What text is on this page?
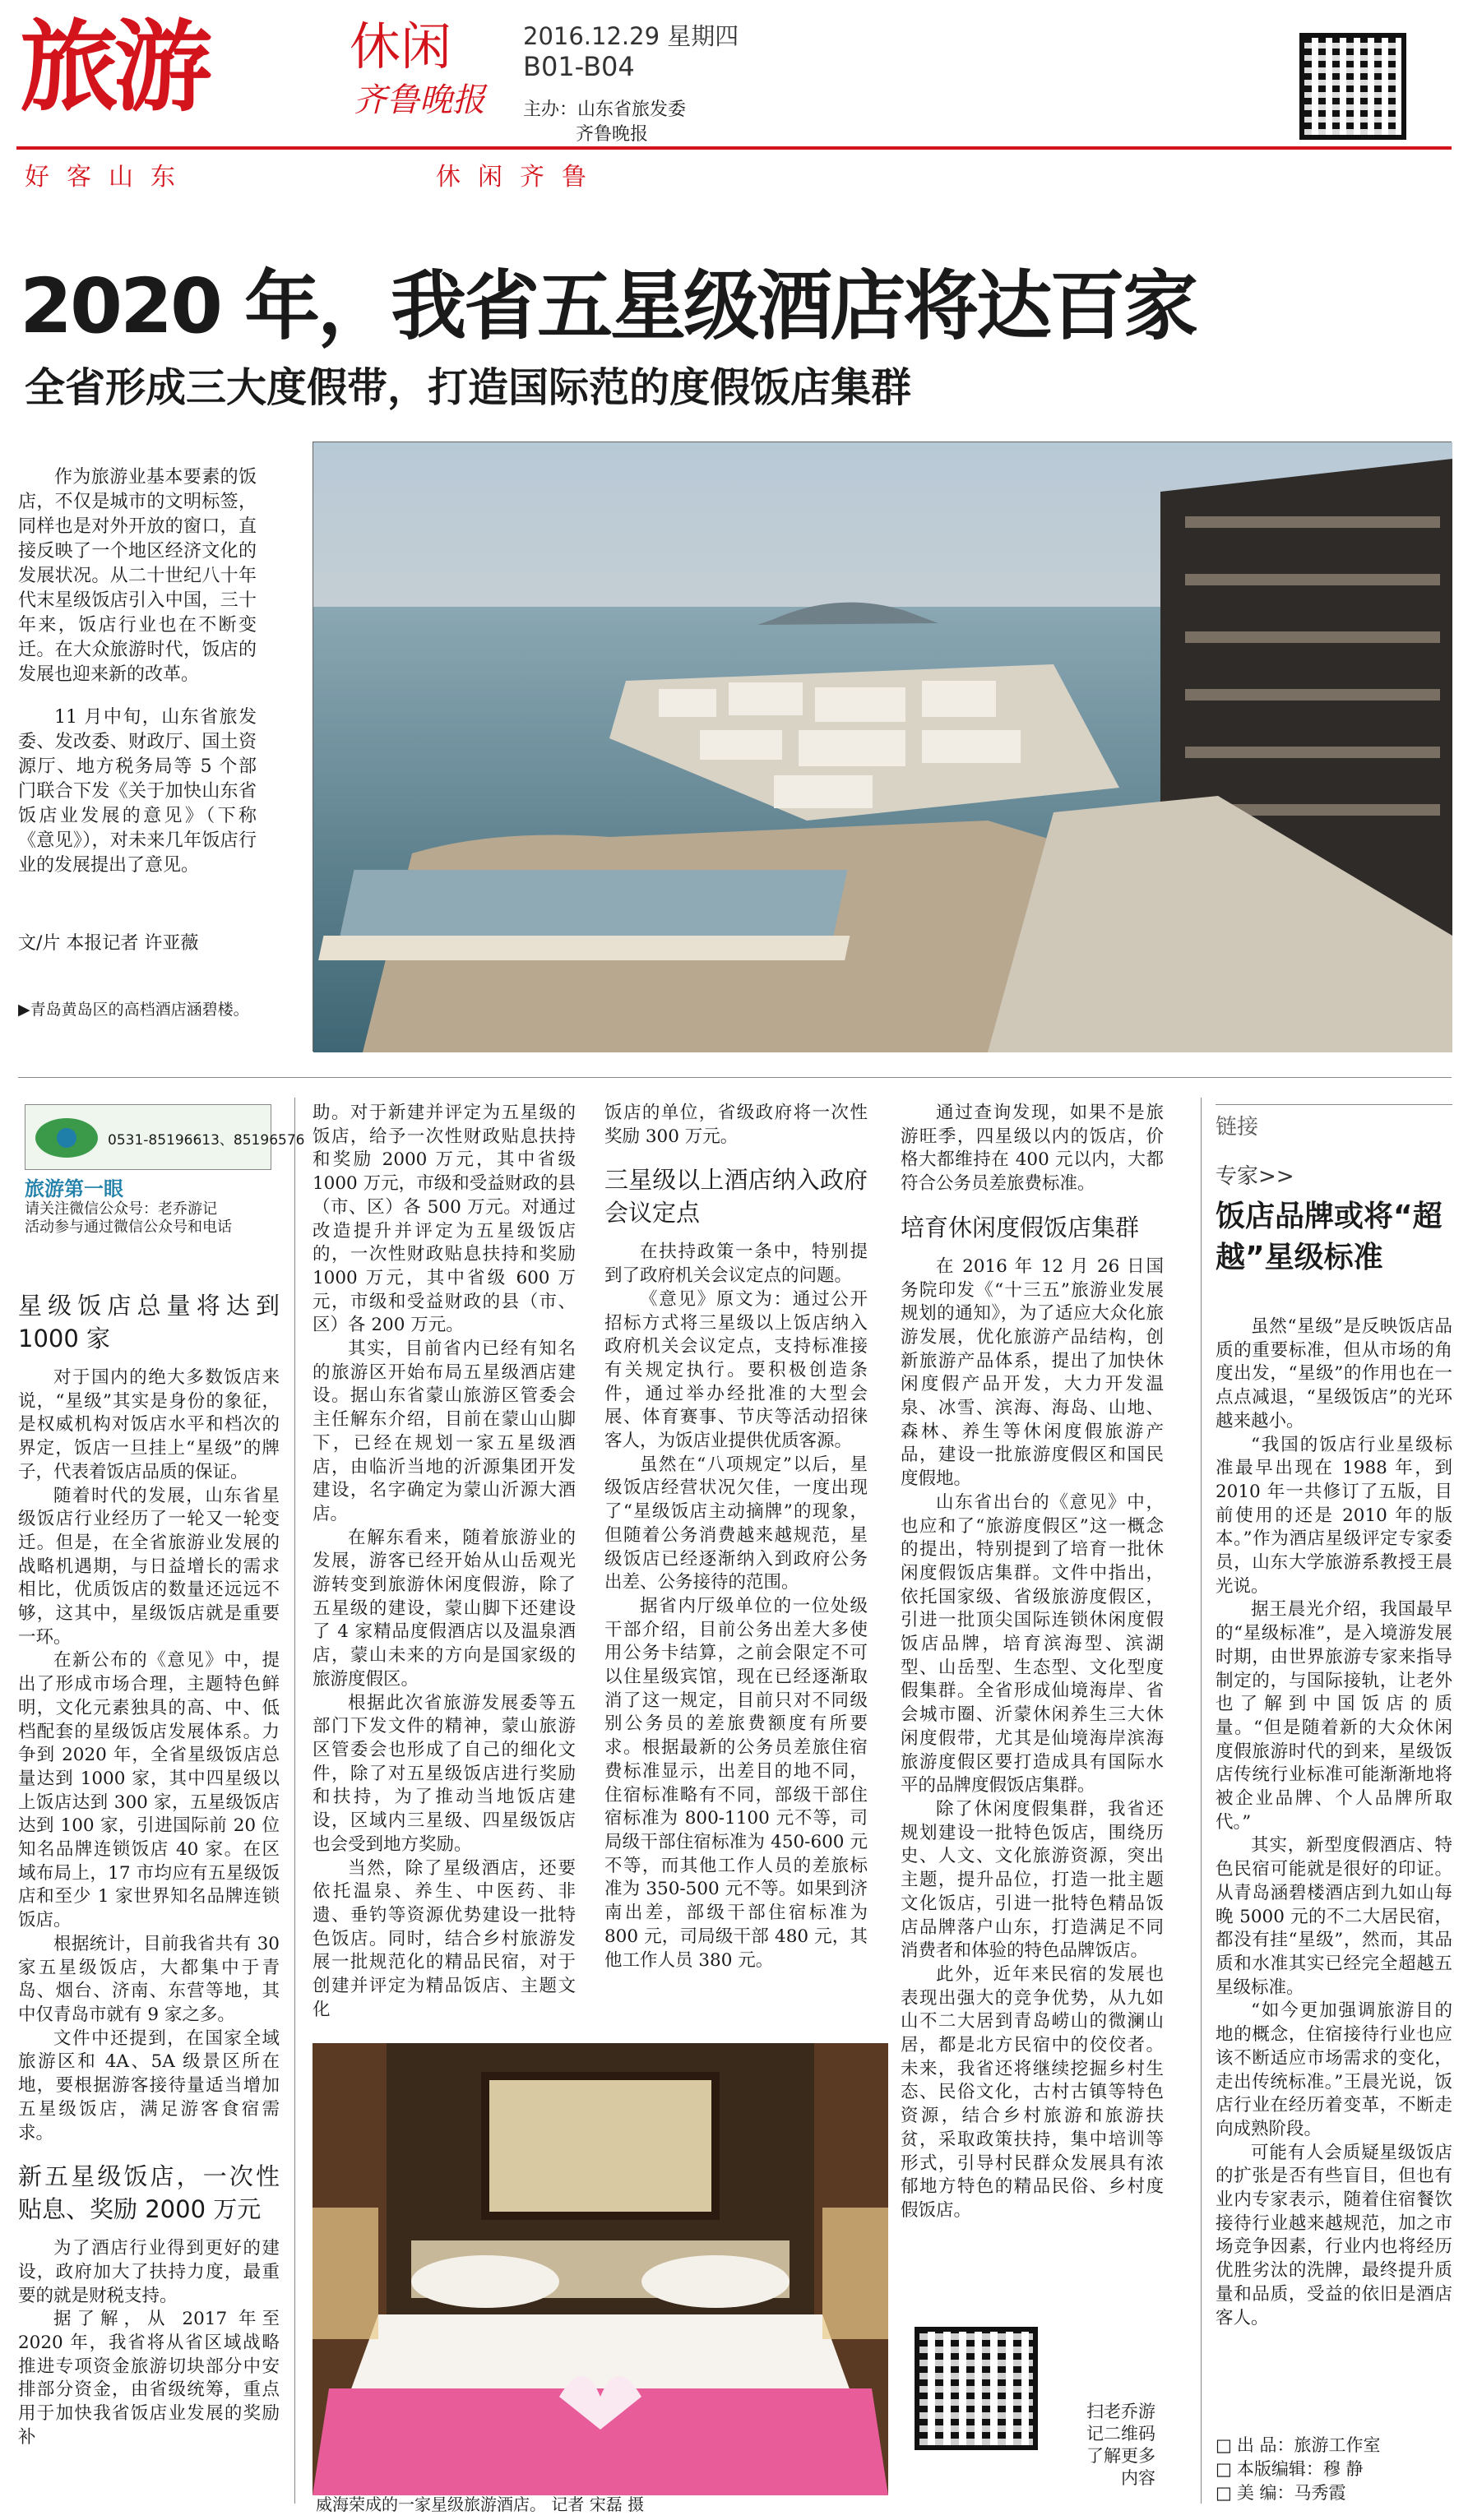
旅游	休闲
齐鲁晚报
2016.12.29 星期四
B01-B04
主办：山东省旅发委
齐鲁晚报
好客山东	休闲齐鲁
2020 年，我省五星级酒店将达百家
全省形成三大度假带，打造国际范的度假饭店集群

作为旅游业基本要素的饭店，不仅是城市的文明标签，同样也是对外开放的窗口，直接反映了一个地区经济文化的发展状况。从二十世纪八十年代末星级饭店引入中国，三十年来，饭店行业也在不断变迁。在大众旅游时代，饭店的发展也迎来新的改革。

11 月中旬，山东省旅发委、发改委、财政厅、国土资源厅、地方税务局等 5 个部门联合下发《关于加快山东省饭店业发展的意见》（下称《意见》），对未来几年饭店行业的发展提出了意见。

文/片 本报记者 许亚薇
▶青岛黄岛区的高档酒店涵碧楼。
0531-85196613、85196576
旅游第一眼
请关注微信公众号：老乔游记
活动参与通过微信公众号和电话
星级饭店总量将达到 1000 家

对于国内的绝大多数饭店来说，“星级”其实是身份的象征，是权威机构对饭店水平和档次的界定，饭店一旦挂上“星级”的牌子，代表着饭店品质的保证。

随着时代的发展，山东省星级饭店行业经历了一轮又一轮变迁。但是，在全省旅游业发展的战略机遇期，与日益增长的需求相比，优质饭店的数量还远远不够，这其中，星级饭店就是重要一环。

在新公布的《意见》中，提出了形成市场合理，主题特色鲜明，文化元素独具的高、中、低档配套的星级饭店发展体系。力争到 2020 年，全省星级饭店总量达到 1000 家，其中四星级以上饭店达到 300 家，五星级饭店达到 100 家，引进国际前 20 位知名品牌连锁饭店 40 家。在区域布局上，17 市均应有五星级饭店和至少 1 家世界知名品牌连锁饭店。

根据统计，目前我省共有 30 家五星级饭店，大都集中于青岛、烟台、济南、东营等地，其中仅青岛市就有 9 家之多。

文件中还提到，在国家全域旅游区和 4A、5A 级景区所在地，要根据游客接待量适当增加五星级饭店，满足游客食宿需求。

新五星级饭店，一次性贴息、奖励 2000 万元

为了酒店行业得到更好的建设，政府加大了扶持力度，最重要的就是财税支持。

据了解，从 2017 年至 2020 年，我省将从省区域战略推进专项资金旅游切块部分中安排部分资金，由省级统筹，重点用于加快我省饭店业发展的奖励补

助。对于新建并评定为五星级的饭店，给予一次性财政贴息扶持和奖励 2000 万元，其中省级 1000 万元，市级和受益财政的县（市、区）各 500 万元。对通过改造提升并评定为五星级饭店的，一次性财政贴息扶持和奖励 1000 万元，其中省级 600 万元，市级和受益财政的县（市、区）各 200 万元。

其实，目前省内已经有知名的旅游区开始布局五星级酒店建设。据山东省蒙山旅游区管委会主任解东介绍，目前在蒙山山脚下，已经在规划一家五星级酒店，由临沂当地的沂源集团开发建设，名字确定为蒙山沂源大酒店。

在解东看来，随着旅游业的发展，游客已经开始从山岳观光游转变到旅游休闲度假游，除了五星级的建设，蒙山脚下还建设了 4 家精品度假酒店以及温泉酒店，蒙山未来的方向是国家级的旅游度假区。

根据此次省旅游发展委等五部门下发文件的精神，蒙山旅游区管委会也形成了自己的细化文件，除了对五星级饭店进行奖励和扶持，为了推动当地饭店建设，区域内三星级、四星级饭店也会受到地方奖励。

当然，除了星级酒店，还要依托温泉、养生、中医药、非遗、垂钓等资源优势建设一批特色饭店。同时，结合乡村旅游发展一批规范化的精品民宿，对于创建并评定为精品饭店、主题文化

饭店的单位，省级政府将一次性奖励 300 万元。

三星级以上酒店纳入政府会议定点

在扶持政策一条中，特别提到了政府机关会议定点的问题。

《意见》原文为：通过公开招标方式将三星级以上饭店纳入政府机关会议定点，支持标准接有关规定执行。要积极创造条件，通过举办经批准的大型会展、体育赛事、节庆等活动招徕客人，为饭店业提供优质客源。

虽然在“八项规定”以后，星级饭店经营状况欠佳，一度出现了“星级饭店主动摘牌”的现象，但随着公务消费越来越规范，星级饭店已经逐渐纳入到政府公务出差、公务接待的范围。

据省内厅级单位的一位处级干部介绍，目前公务出差大多使用公务卡结算，之前会限定不可以住星级宾馆，现在已经逐渐取消了这一规定，目前只对不同级别公务员的差旅费额度有所要求。根据最新的公务员差旅住宿费标准显示，出差目的地不同，住宿标准略有不同，部级干部住宿标准为 800-1100 元不等，司局级干部住宿标准为 450-600 元不等，而其他工作人员的差旅标准为 350-500 元不等。如果到济南出差，部级干部住宿标准为 800 元，司局级干部 480 元，其他工作人员 380 元。

通过查询发现，如果不是旅游旺季，四星级以内的饭店，价格大都维持在 400 元以内，大都符合公务员差旅费标准。

培育休闲度假饭店集群

在 2016 年 12 月 26 日国务院印发《“十三五”旅游业发展规划的通知》，为了适应大众化旅游发展，优化旅游产品结构，创新旅游产品体系，提出了加快休闲度假产品开发，大力开发温泉、冰雪、滨海、海岛、山地、森林、养生等休闲度假旅游产品，建设一批旅游度假区和国民度假地。

山东省出台的《意见》中，也应和了“旅游度假区”这一概念的提出，特别提到了培育一批休闲度假饭店集群。文件中指出，依托国家级、省级旅游度假区，引进一批顶尖国际连锁休闲度假饭店品牌，培育滨海型、滨湖型、山岳型、生态型、文化型度假集群。全省形成仙境海岸、省会城市圈、沂蒙休闲养生三大休闲度假带，尤其是仙境海岸滨海旅游度假区要打造成具有国际水平的品牌度假饭店集群。

除了休闲度假集群，我省还规划建设一批特色饭店，围绕历史、人文、文化旅游资源，突出主题，提升品位，打造一批主题文化饭店，引进一批特色精品饭店品牌落户山东，打造满足不同消费者和体验的特色品牌饭店。

此外，近年来民宿的发展也表现出强大的竞争优势，从九如山不二大居到青岛崂山的微澜山居，都是北方民宿中的佼佼者。未来，我省还将继续挖掘乡村生态、民俗文化，古村古镇等特色资源，结合乡村旅游和旅游扶贫，采取政策扶持，集中培训等形式，引导村民群众发展具有浓郁地方特色的精品民俗、乡村度假饭店。

威海荣成的一家星级旅游酒店。 记者 宋磊 摄
扫老乔游记二维码了解更多内容
链接
专家>>
饭店品牌或将“超越”星级标准

虽然“星级”是反映饭店品质的重要标准，但从市场的角度出发，“星级”的作用也在一点点减退，“星级饭店”的光环越来越小。

“我国的饭店行业星级标准最早出现在 1988 年，到 2010 年一共修订了五版，目前使用的还是 2010 年的版本。”作为酒店星级评定专家委员，山东大学旅游系教授王晨光说。

据王晨光介绍，我国最早的“星级标准”，是入境游发展时期，由世界旅游专家来指导制定的，与国际接轨，让老外也了解到中国饭店的质量。“但是随着新的大众休闲度假旅游时代的到来，星级饭店传统行业标准可能渐渐地将被企业品牌、个人品牌所取代。”

其实，新型度假酒店、特色民宿可能就是很好的印证。从青岛涵碧楼酒店到九如山每晚 5000 元的不二大居民宿，都没有挂“星级”，然而，其品质和水准其实已经完全超越五星级标准。

“如今更加强调旅游目的地的概念，住宿接待行业也应该不断适应市场需求的变化，走出传统标准。”王晨光说，饭店行业在经历着变革，不断走向成熟阶段。

可能有人会质疑星级饭店的扩张是否有些盲目，但也有业内专家表示，随着住宿餐饮接待行业越来越规范，加之市场竞争因素，行业内也将经历优胜劣汰的洗牌，最终提升质量和品质，受益的依旧是酒店客人。

□ 出 品：旅游工作室
□ 本版编辑：穆 静
□ 美 编：马秀霞
